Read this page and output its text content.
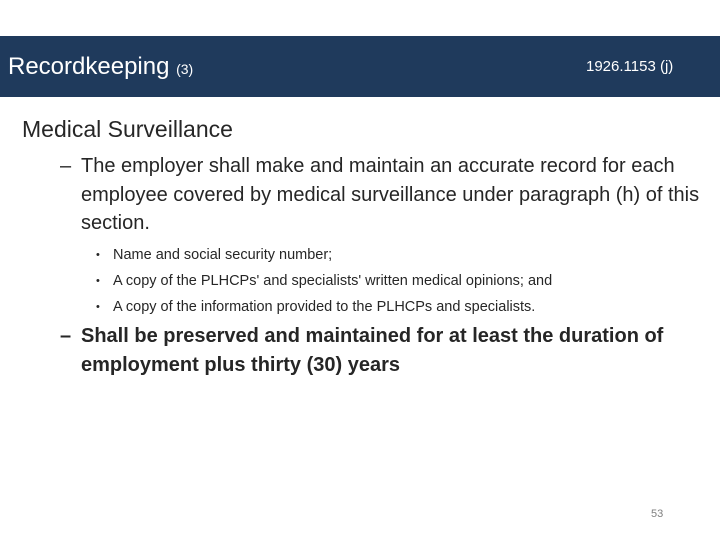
Recordkeeping (3)	1926.1153 (j)
Medical Surveillance
– The employer shall make and maintain an accurate record for each employee covered by medical surveillance under paragraph (h) of this section.
• Name and social security number;
• A copy of the PLHCPs' and specialists' written medical opinions; and
• A copy of the information provided to the PLHCPs and specialists.
– Shall be preserved and maintained for at least the duration of employment plus thirty (30) years
53
